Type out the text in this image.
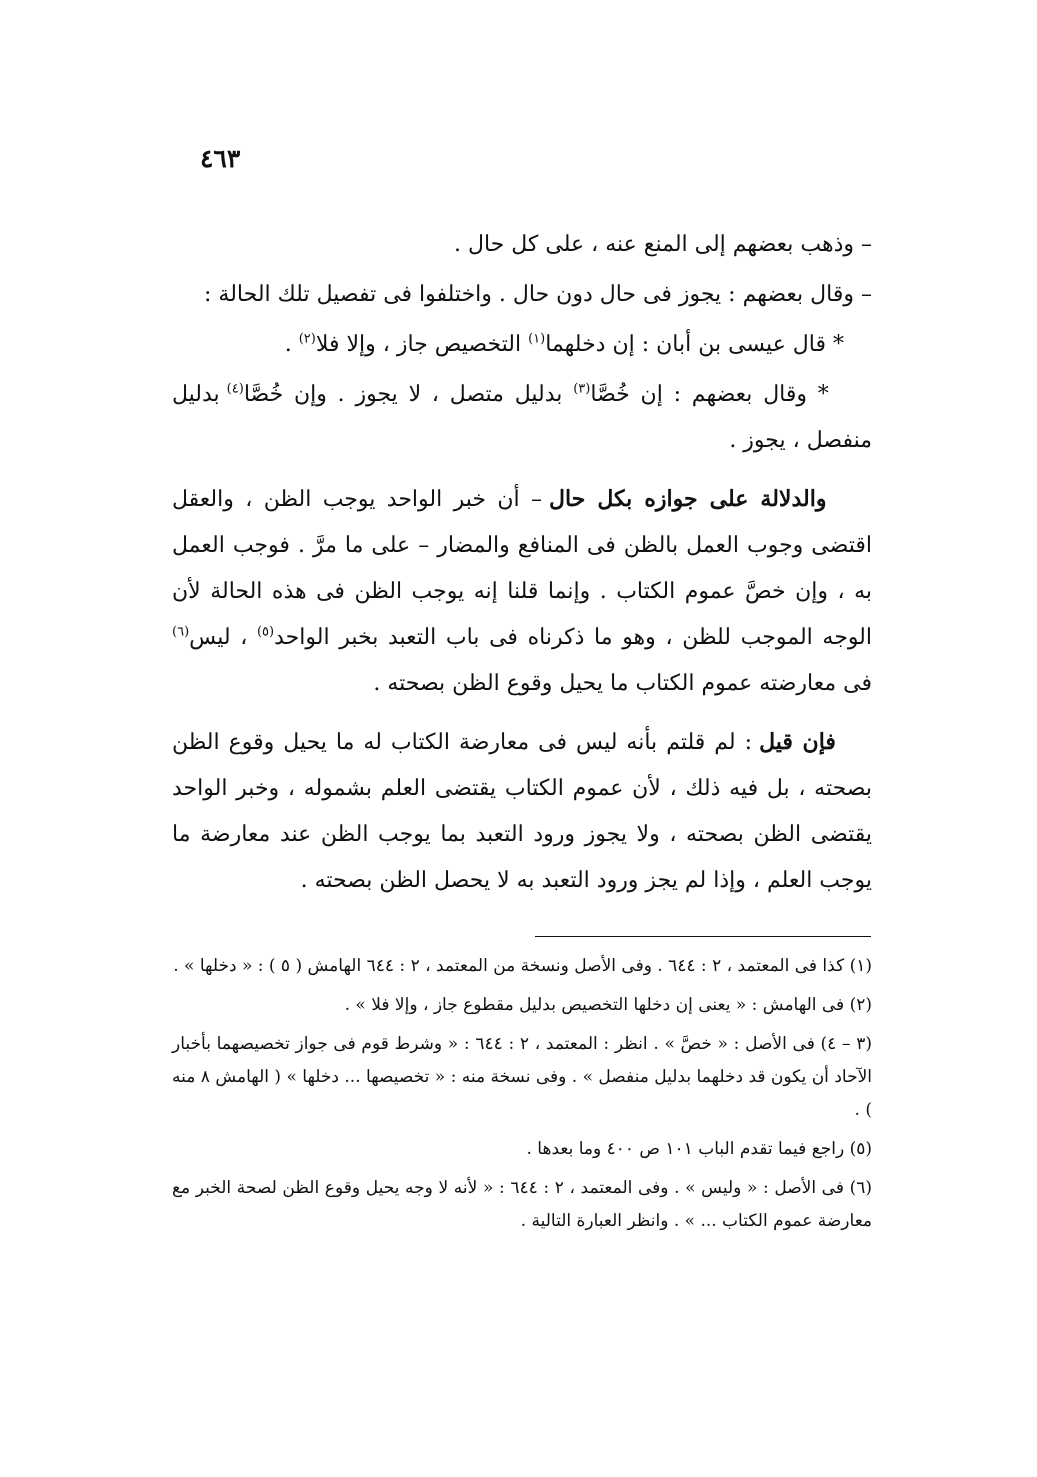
٤٦٣

– وذهب بعضهم إلى المنع عنه ، على كل حال .

– وقال بعضهم : يجوز فى حال دون حال . واختلفوا فى تفصيل تلك الحالة :

* قال عيسى بن أبان : إن دخلهما$^{(١)}$ التخصيص جاز ، وإلا فلا$^{(٢)}$ .

* وقال بعضهم : إن خُصَّا$^{(٣)}$ بدليل متصل ، لا يجوز . وإن خُصَّا$^{(٤)}$ بدليل منفصل ، يجوز .

والدلالة على جوازه بكل حال – أن خبر الواحد يوجب الظن ، والعقل اقتضى وجوب العمل بالظن فى المنافع والمضار – على ما مرَّ . فوجب العمل به ، وإن خصَّ عموم الكتاب . وإنما قلنا إنه يوجب الظن فى هذه الحالة لأن الوجه الموجب للظن ، وهو ما ذكرناه فى باب التعبد بخبر الواحد$^{(٥)}$ ، ليس$^{(٦)}$ فى معارضته عموم الكتاب ما يحيل وقوع الظن بصحته .

فإن قيل : لم قلتم بأنه ليس فى معارضة الكتاب له ما يحيل وقوع الظن بصحته ، بل فيه ذلك ، لأن عموم الكتاب يقتضى العلم بشموله ، وخبر الواحد يقتضى الظن بصحته ، ولا يجوز ورود التعبد بما يوجب الظن عند معارضة ما يوجب العلم ، وإذا لم يجز ورود التعبد به لا يحصل الظن بصحته .

(١) كذا فى المعتمد ، ٢ : ٦٤٤ . وفى الأصل ونسخة من المعتمد ، ٢ : ٦٤٤ الهامش ( ٥ ) : « دخلها » .

(٢) فى الهامش : « يعنى إن دخلها التخصيص بدليل مقطوع جاز ، وإلا فلا » .

(٣ – ٤) فى الأصل : « خصَّ » . انظر : المعتمد ، ٢ : ٦٤٤ : « وشرط قوم فى جواز تخصيصهما بأخبار الآحاد أن يكون قد دخلهما بدليل منفصل » . وفى نسخة منه : « تخصيصها ... دخلها » ( الهامش ٨ منه ) .

(٥) راجع فيما تقدم الباب ١٠١ ص ٤٠٠ وما بعدها .

(٦) فى الأصل : « وليس » . وفى المعتمد ، ٢ : ٦٤٤ : « لأنه لا وجه يحيل وقوع الظن لصحة الخبر مع معارضة عموم الكتاب ... » . وانظر العبارة التالية .
